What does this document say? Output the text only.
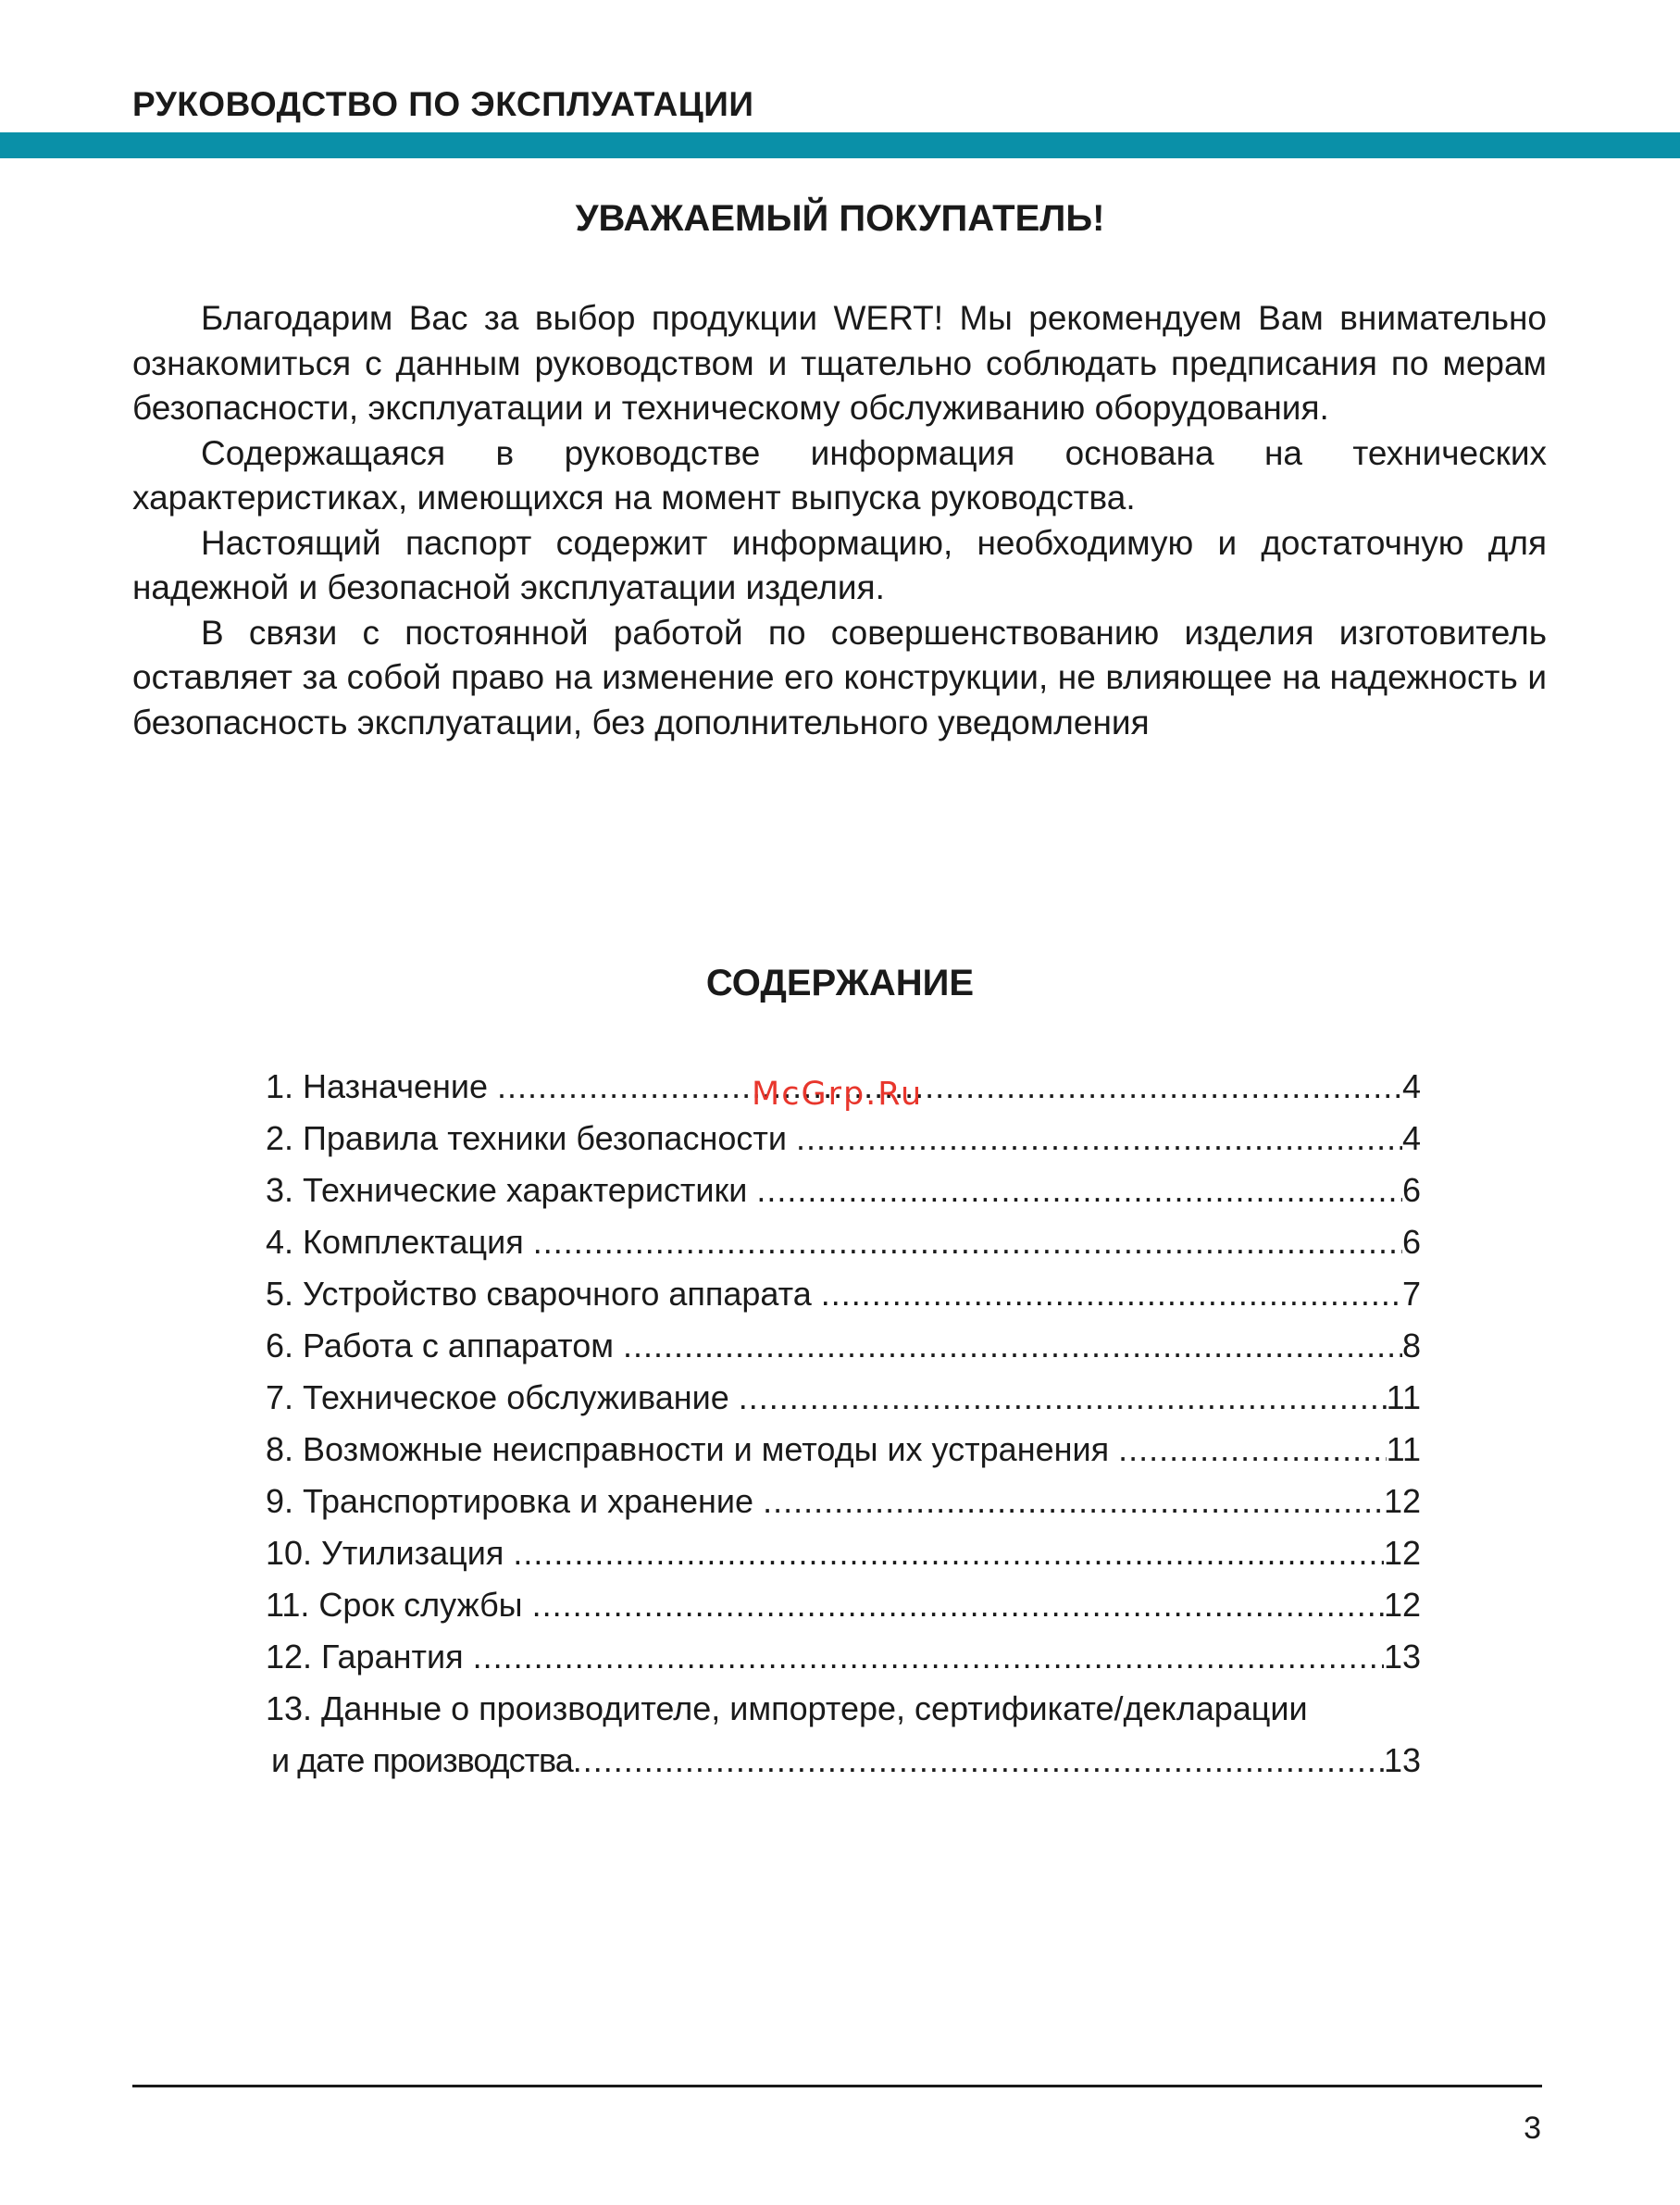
РУКОВОДСТВО ПО ЭКСПЛУАТАЦИИ
УВАЖАЕМЫЙ ПОКУПАТЕЛЬ!

Благодарим Вас за выбор продукции WERT! Мы рекомендуем Вам внимательно ознакомиться с данным руководством и тщательно соблюдать предписания по мерам безопасности, эксплуатации и техническому обслуживанию оборудования.

Содержащаяся в руководстве информация основана на технических характеристиках, имеющихся на момент выпуска руководства.

Настоящий паспорт содержит информацию, необходимую и достаточную для надежной и безопасной эксплуатации изделия.

В связи с постоянной работой по совершенствованию изделия изготовитель оставляет за собой право на изменение его конструкции, не влияющее на надежность и безопасность эксплуатации, без дополнительного уведомления

СОДЕРЖАНИЕ
1. Назначение .....	4
2. Правила техники безопасности .....	4
3. Технические характеристики .....	6
4. Комплектация .....	6
5. Устройство сварочного аппарата .....	7
6. Работа с аппаратом .....	8
7. Техническое обслуживание .....	11
8. Возможные неисправности и методы их устранения .....	11
9. Транспортировка и хранение .....	12
10. Утилизация .....	12
11. Срок службы .....	12
12. Гарантия .....	13
13. Данные о производителе, импортере, сертификате/декларации
и дате производства .....	13
McGrp.Ru
3
